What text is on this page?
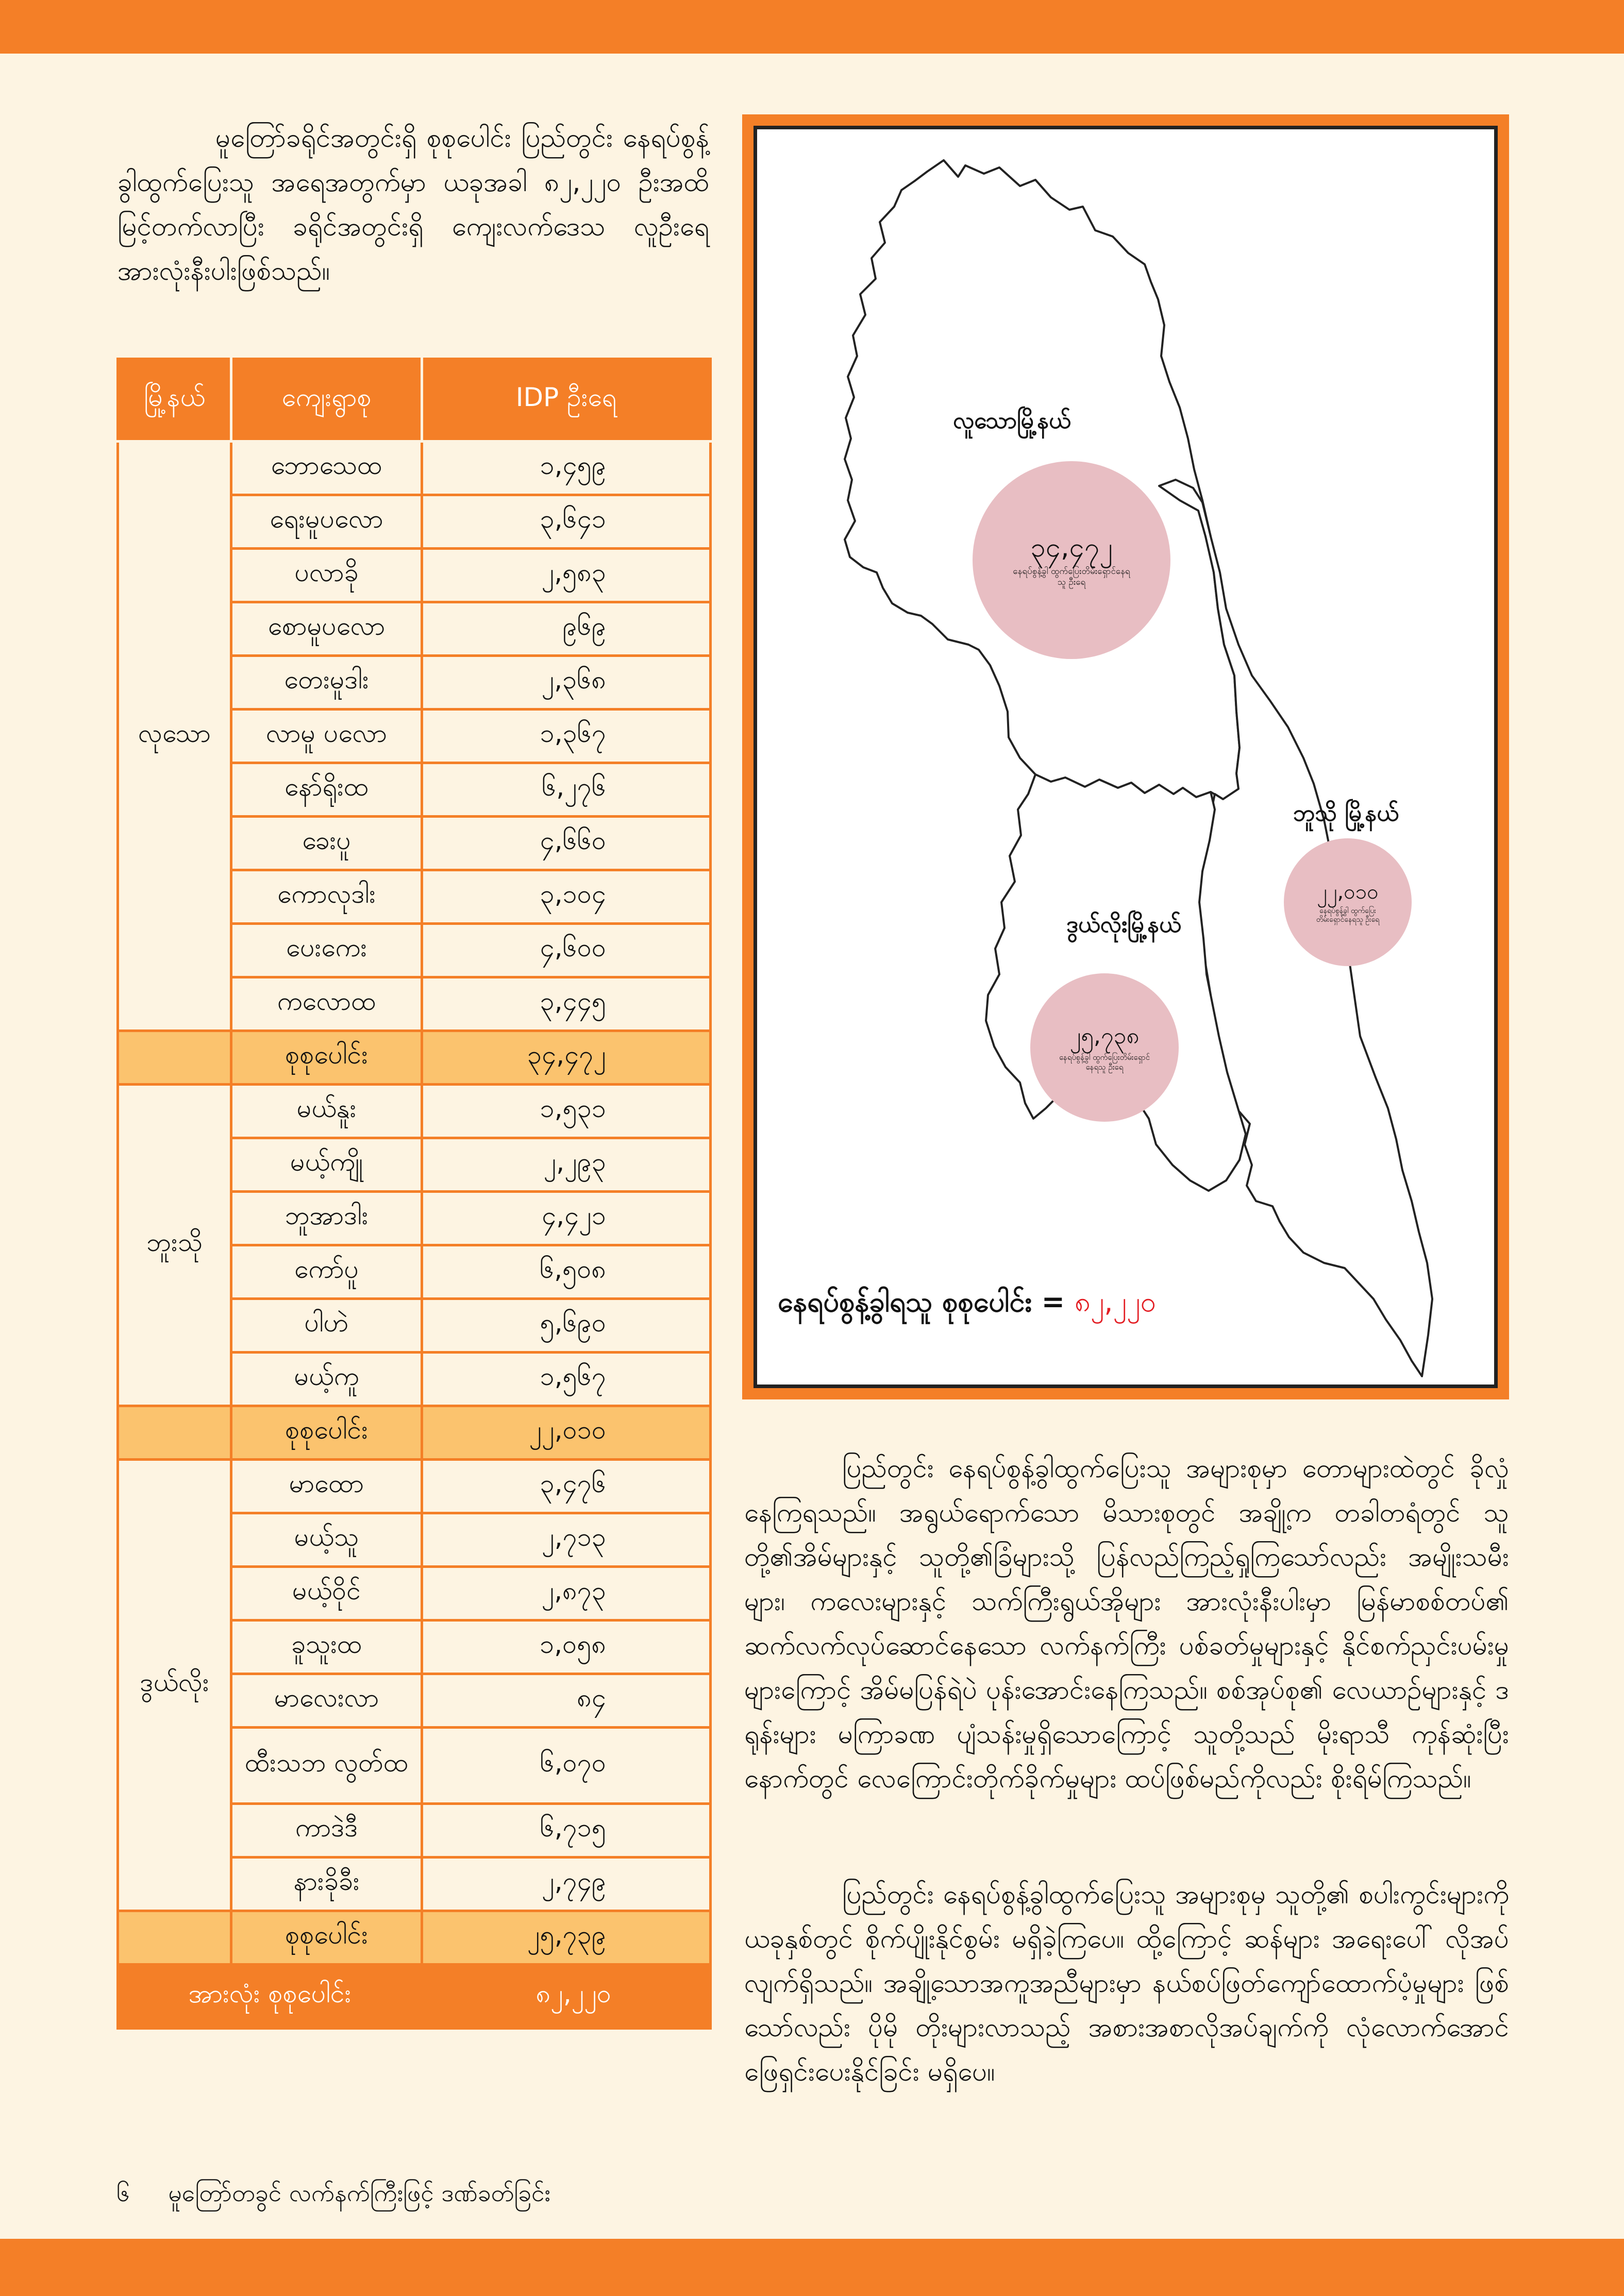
မူတြော်ခရိုင်အတွင်းရှိ စုစုပေါင်း ပြည်တွင်း နေရပ်စွန့်ခွါထွက်ပြေးသူ အရေအတွက်မှာ ယခုအခါ ၈၂,၂၂၀ ဦးအထိ မြင့်တက်လာပြီး ခရိုင်အတွင်းရှိ ကျေးလက်ဒေသ လူဦးရေအားလုံးနီးပါးဖြစ်သည်။

မြို့နယ်	ကျေးရွာစု	IDP ဦးရေ
လုသော	ဘောသေထ	၁,၄၅၉
	ရေးမူပလော	၃,၆၄၁
	ပလာခို	၂,၅၈၃
	စောမူပလော	၉၆၉
	တေးမူဒါး	၂,၃၆၈
	လာမူ ပလော	၁,၃၆၇
	နော်ရိုးထ	၆,၂၇၆
	ခေးပူ	၄,၆၆၀
	ကောလုဒါး	၃,၁၀၄
	ပေးကေး	၄,၆၀၀
	ကလောထ	၃,၄၄၅
	စုစုပေါင်း	၃၄,၄၇၂
ဘူးသို	မယ်နူး	၁,၅၃၁
	မယ့်ကျို	၂,၂၉၃
	ဘူအာဒါး	၄,၄၂၁
	ကော်ပူ	၆,၅၀၈
	ပါဟဲ	၅,၆၉၀
	မယ့်ကူ	၁,၅၆၇
	စုစုပေါင်း	၂၂,၀၁၀
ဒွယ်လိုး	မာထော	၃,၄၇၆
	မယ့်သူ	၂,၇၁၃
	မယ့်ဝိုင်	၂,၈၇၃
	ခူသူးထ	၁,၀၅၈
	မာလေးလာ	၈၄
	ထီးသဘ လွတ်ထ	၆,၀၇၀
	ကာဒဲဒီ	၆,၇၁၅
	နားခိုခီး	၂,၇၄၉
	စုစုပေါင်း	၂၅,၇၃၉
အားလုံး စုစုပေါင်း		၈၂,၂၂၀
လူသောမြို့နယ်
၃၄,၄၇၂
နေရပ်စွန့်ခွါ ထွက်ပြေးတိမ်းရှောင်နေရသူ ဦးရေ
ဘူသို မြို့နယ်
၂၂,၀၁၀
နေရပ်စွန့်ခွါ ထွက်ပြေးတိမ်းရှောင်နေရသူ ဦးရေ
ဒွယ်လိုးမြို့နယ်
၂၅,၇၃၈
နေရပ်စွန့်ခွါ ထွက်ပြေးတိမ်းရှောင်နေရသူ ဦးရေ
နေရပ်စွန့်ခွါရသူ စုစုပေါင်း = ၈၂,၂၂၀

ပြည်တွင်း နေရပ်စွန့်ခွါထွက်ပြေးသူ အများစုမှာ တောများထဲတွင် ခိုလှုံနေကြရသည်။ အရွယ်ရောက်သော မိသားစုတွင် အချို့က တခါတရံတွင် သူတို့၏အိမ်များနှင့် သူတို့၏ခြံများသို့ ပြန်လည်ကြည့်ရှုကြသော်လည်း အမျိုးသမီးများ၊ ကလေးများနှင့် သက်ကြီးရွယ်အိုများ အားလုံးနီးပါးမှာ မြန်မာစစ်တပ်၏ ဆက်လက်လုပ်ဆောင်နေသော လက်နက်ကြီး ပစ်ခတ်မှုများနှင့် နိုင်စက်ညှင်းပမ်းမှုများကြောင့် အိမ်မပြန်ရဲပဲ ပုန်းအောင်းနေကြသည်။ စစ်အုပ်စု၏ လေယာဉ်များနှင့် ဒရုန်းများ မကြာခဏ ပျံသန်းမှုရှိသောကြောင့် သူတို့သည် မိုးရာသီ ကုန်ဆုံးပြီး နောက်တွင် လေကြောင်းတိုက်ခိုက်မှုများ ထပ်ဖြစ်မည်ကိုလည်း စိုးရိမ်ကြသည်။

ပြည်တွင်း နေရပ်စွန့်ခွါထွက်ပြေးသူ အများစုမှ သူတို့၏ စပါးကွင်းများကို ယခုနှစ်တွင် စိုက်ပျိုးနိုင်စွမ်း မရှိခဲ့ကြပေ။ ထို့ကြောင့် ဆန်များ အရေးပေါ် လိုအပ်လျက်ရှိသည်။ အချို့သောအကူအညီများမှာ နယ်စပ်ဖြတ်ကျော်ထောက်ပံ့မှုများ ဖြစ်သော်လည်း ပိုမို တိုးများလာသည့် အစားအစာလိုအပ်ချက်ကို လုံလောက်အောင် ဖြေရှင်းပေးနိုင်ခြင်း မရှိပေ။

၆ မူတြော်တခွင် လက်နက်ကြီးဖြင့် ဒဏ်ခတ်ခြင်း
